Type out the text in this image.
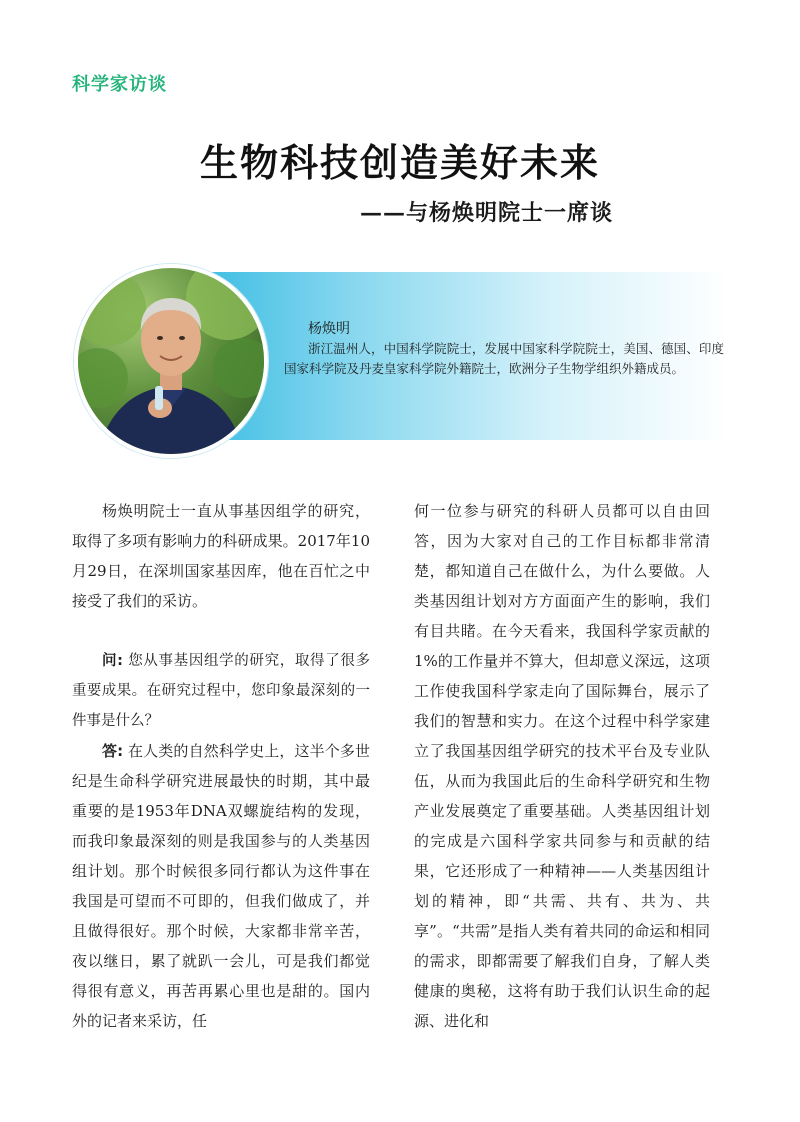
科学家访谈
生物科技创造美好未来
——与杨焕明院士一席谈
杨焕明
浙江温州人，中国科学院院士，发展中国家科学院院士，美国、德国、印度国家科学院及丹麦皇家科学院外籍院士，欧洲分子生物学组织外籍成员。

杨焕明院士一直从事基因组学的研究，取得了多项有影响力的科研成果。2017年10月29日，在深圳国家基因库，他在百忙之中接受了我们的采访。

问: 您从事基因组学的研究，取得了很多重要成果。在研究过程中，您印象最深刻的一件事是什么？

答: 在人类的自然科学史上，这半个多世纪是生命科学研究进展最快的时期，其中最重要的是1953年DNA双螺旋结构的发现，而我印象最深刻的则是我国参与的人类基因组计划。那个时候很多同行都认为这件事在我国是可望而不可即的，但我们做成了，并且做得很好。那个时候，大家都非常辛苦，夜以继日，累了就趴一会儿，可是我们都觉得很有意义，再苦再累心里也是甜的。国内外的记者来采访，任

何一位参与研究的科研人员都可以自由回答，因为大家对自己的工作目标都非常清楚，都知道自己在做什么，为什么要做。人类基因组计划对方方面面产生的影响，我们有目共睹。在今天看来，我国科学家贡献的1%的工作量并不算大，但却意义深远，这项工作使我国科学家走向了国际舞台，展示了我们的智慧和实力。在这个过程中科学家建立了我国基因组学研究的技术平台及专业队伍，从而为我国此后的生命科学研究和生物产业发展奠定了重要基础。人类基因组计划的完成是六国科学家共同参与和贡献的结果，它还形成了一种精神——人类基因组计划的精神，即“共需、共有、共为、共享”。“共需”是指人类有着共同的命运和相同的需求，即都需要了解我们自身，了解人类健康的奥秘，这将有助于我们认识生命的起源、进化和
